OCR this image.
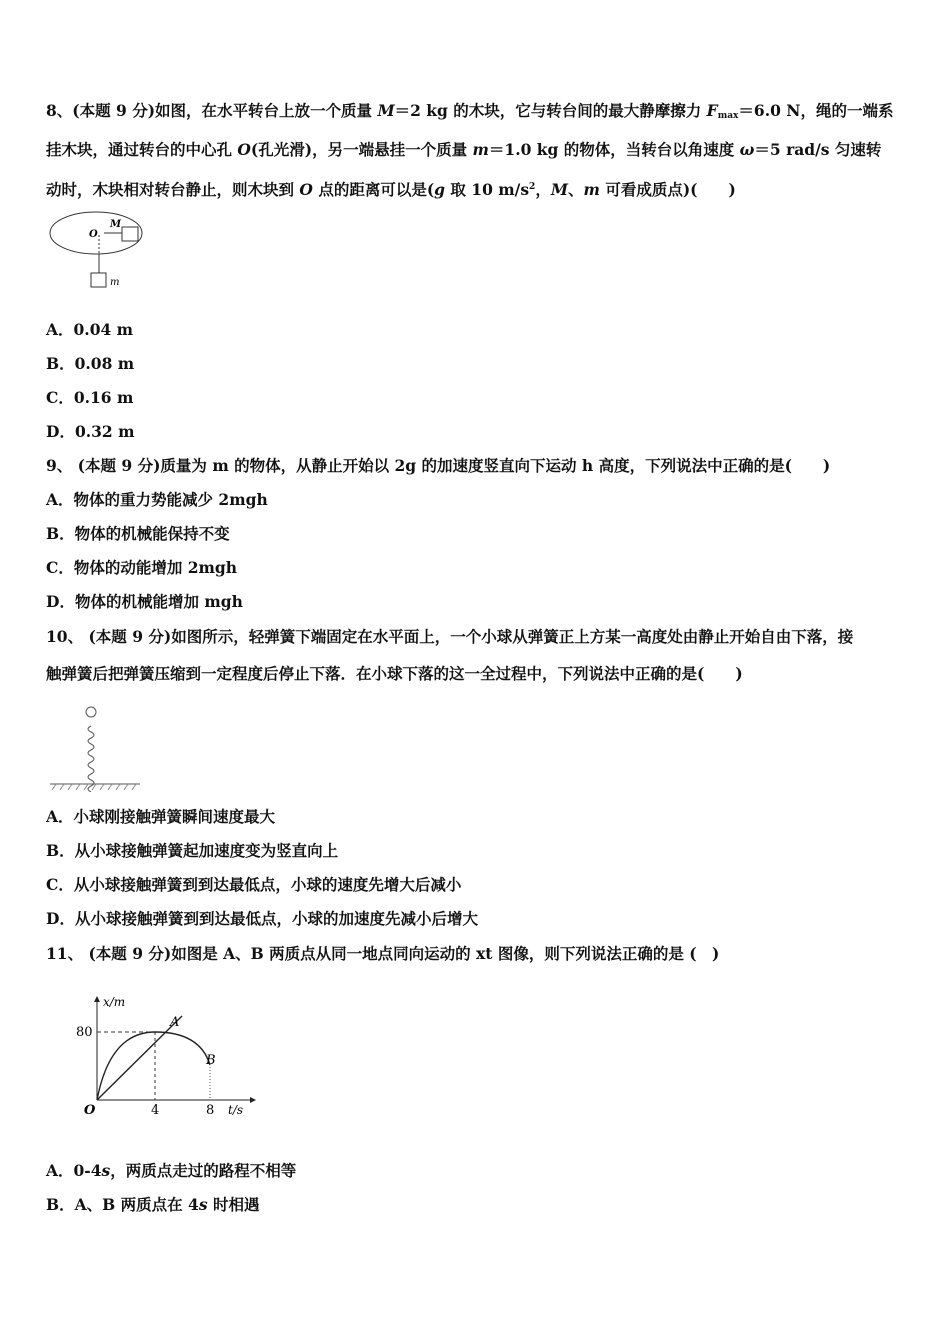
8、(本题 9 分)如图，在水平转台上放一个质量 M＝2 kg 的木块，它与转台间的最大静摩擦力 $F_{max}=6.0$ N，绳的一端系
挂木块，通过转台的中心孔 O(孔光滑)，另一端悬挂一个质量 m＝1.0 kg 的物体，当转台以角速度 ω＝5 rad/s 匀速转
动时，木块相对转台静止，则木块到 O 点的距离可以是(g 取 10 $m/s^2$，M、m 可看成质点)(　　)
O
M
m
A．0.04 m
B．0.08 m
C．0.16 m
D．0.32 m
9、 (本题 9 分)质量为 m 的物体，从静止开始以 2g 的加速度竖直向下运动 h 高度，下列说法中正确的是(　　)
A．物体的重力势能减少 2mgh
B．物体的机械能保持不变
C．物体的动能增加 2mgh
D．物体的机械能增加 mgh
10、 (本题 9 分)如图所示，轻弹簧下端固定在水平面上，一个小球从弹簧正上方某一高度处由静止开始自由下落，接
触弹簧后把弹簧压缩到一定程度后停止下落．在小球下落的这一全过程中，下列说法中正确的是(　　)
A．小球刚接触弹簧瞬间速度最大
B．从小球接触弹簧起加速度变为竖直向上
C．从小球接触弹簧到到达最低点，小球的速度先增大后减小
D．从小球接触弹簧到到达最低点，小球的加速度先减小后增大
11、 (本题 9 分)如图是 A、B 两质点从同一地点同向运动的 xt 图像，则下列说法正确的是 (　)
x/m
80
A
B
O	4	8 t/s
A．0-4s，两质点走过的路程不相等
B．A、B 两质点在 4s 时相遇
